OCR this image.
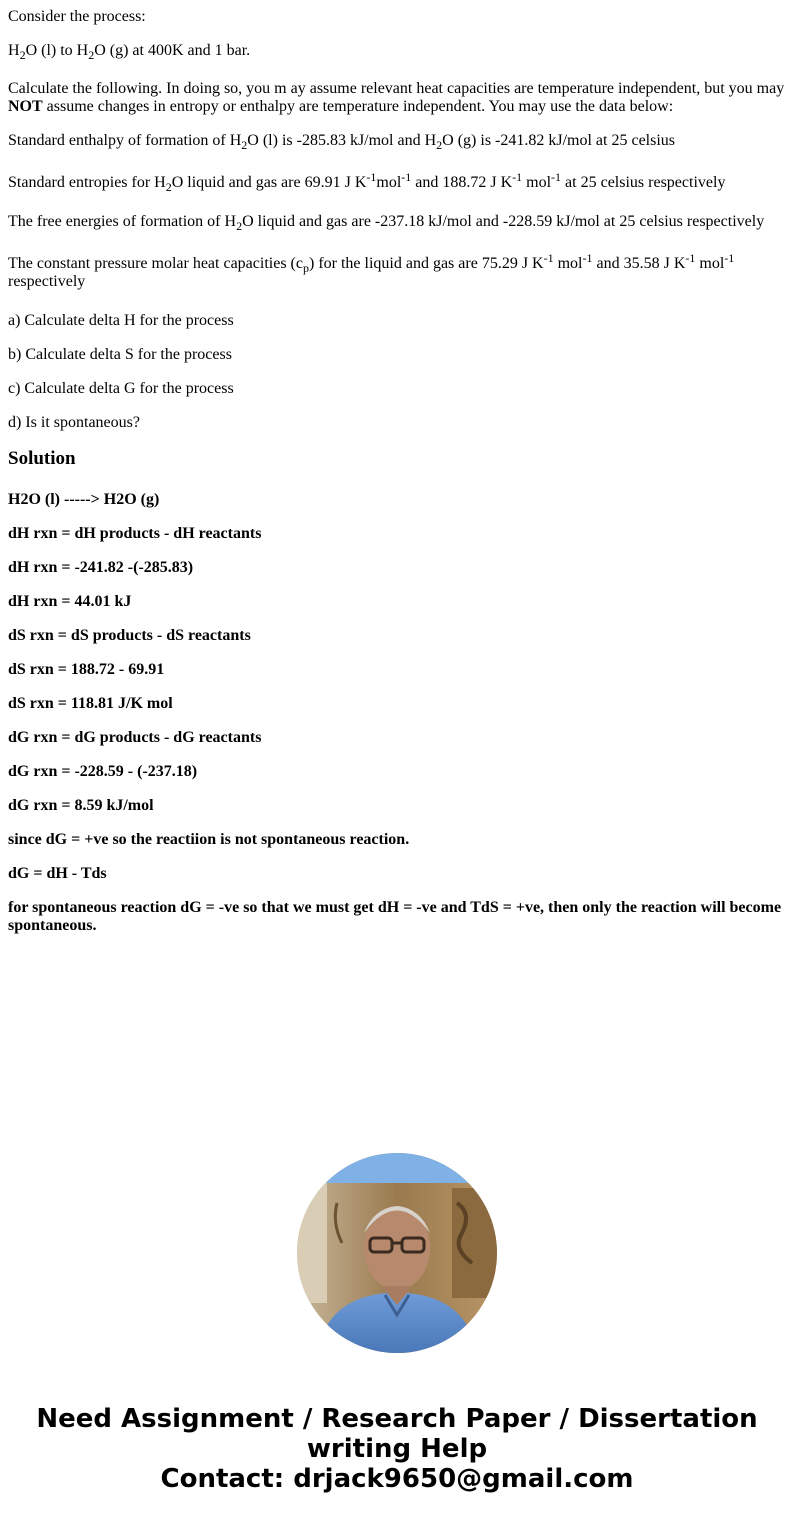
Consider the process:

$H_2O$ (l) to $H_2O$ (g) at 400K and 1 bar.

Calculate the following. In doing so, you m ay assume relevant heat capacities are temperature independent, but you may NOT assume changes in entropy or enthalpy are temperature independent. You may use the data below:

Standard enthalpy of formation of $H_2O$ (l) is -285.83 kJ/mol and $H_2O$ (g) is -241.82 kJ/mol at 25 celsius

Standard entropies for $H_2O$ liquid and gas are 69.91 J $K^{-1}mol^{-1}$ and 188.72 J $K^{-1}$ mol$^{-1}$ at 25 celsius respectively

The free energies of formation of $H_2O$ liquid and gas are -237.18 kJ/mol and -228.59 kJ/mol at 25 celsius respectively

The constant pressure molar heat capacities $(c_p)$ for the liquid and gas are 75.29 J $K^{-1}$ mol$^{-1}$ and 35.58 J $K^{-1}$ mol$^{-1}$
respectively

a) Calculate delta H for the process

b) Calculate delta S for the process

c) Calculate delta G for the process

d) Is it spontaneous?

Solution

H2O (l) -----> H2O (g)

dH rxn = dH products - dH reactants

dH rxn = -241.82 -(-285.83)

dH rxn = 44.01 kJ

dS rxn = dS products - dS reactants

dS rxn = 188.72 - 69.91

dS rxn = 118.81 J/K mol

dG rxn = dG products - dG reactants

dG rxn = -228.59 - (-237.18)

dG rxn = 8.59 kJ/mol

since dG = +ve so the reactiion is not spontaneous reaction.

dG = dH - Tds

for spontaneous reaction dG = -ve so that we must get dH = -ve and TdS = +ve, then only the reaction will become spontaneous.

Need Assignment / Research Paper / Dissertation
writing Help
Contact: drjack9650@gmail.com
